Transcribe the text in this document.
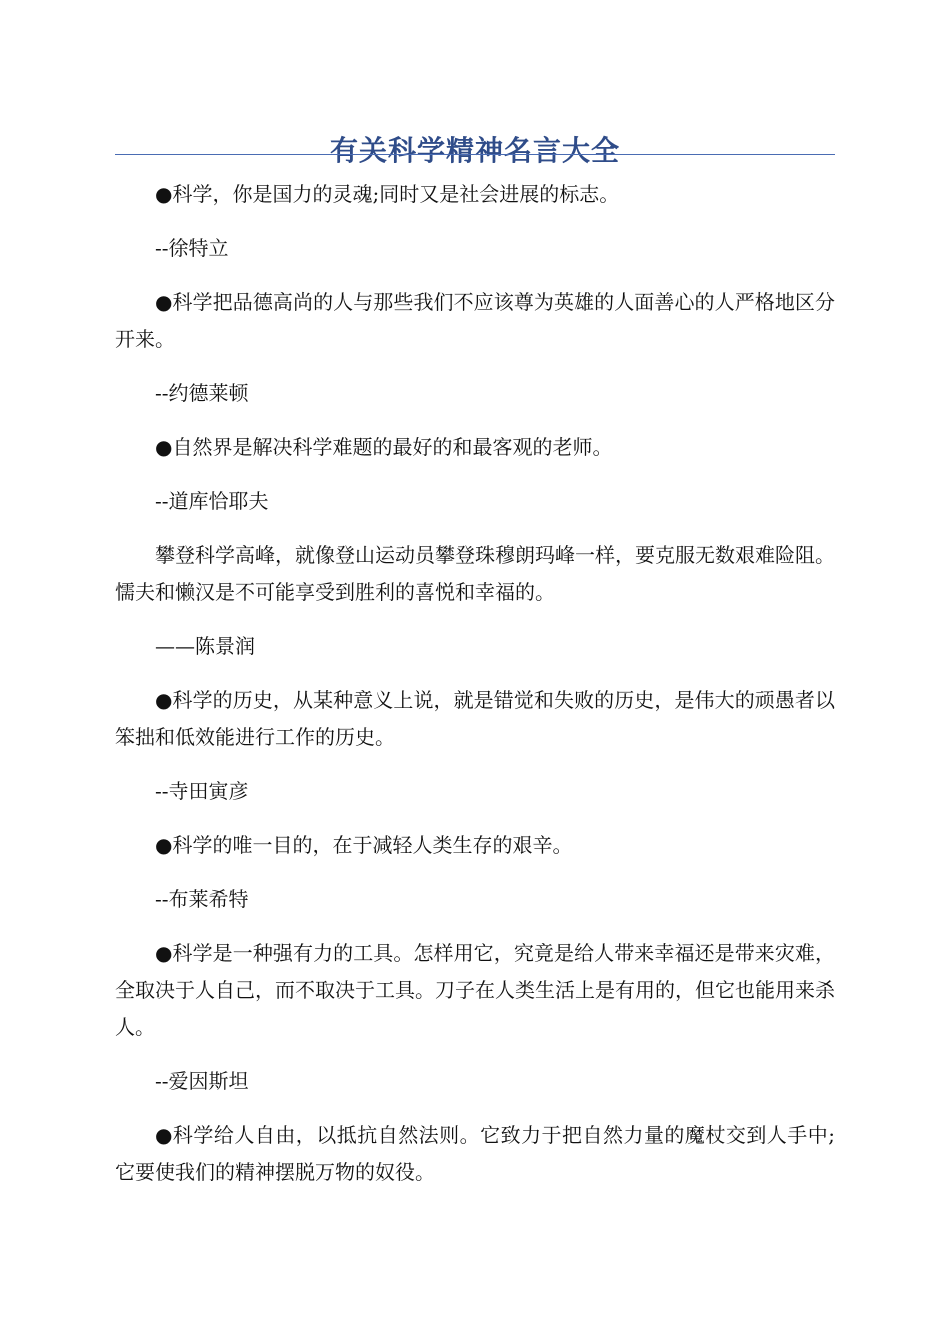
有关科学精神名言大全

●科学，你是国力的灵魂;同时又是社会进展的标志。

--徐特立

●科学把品德高尚的人与那些我们不应该尊为英雄的人面善心的人严格地区分开来。

--约德莱顿

●自然界是解决科学难题的最好的和最客观的老师。

--道库恰耶夫

攀登科学高峰，就像登山运动员攀登珠穆朗玛峰一样，要克服无数艰难险阻。懦夫和懒汉是不可能享受到胜利的喜悦和幸福的。

——陈景润

●科学的历史，从某种意义上说，就是错觉和失败的历史，是伟大的顽愚者以笨拙和低效能进行工作的历史。

--寺田寅彦

●科学的唯一目的，在于减轻人类生存的艰辛。

--布莱希特

●科学是一种强有力的工具。怎样用它，究竟是给人带来幸福还是带来灾难，全取决于人自己，而不取决于工具。刀子在人类生活上是有用的，但它也能用来杀人。

--爱因斯坦

●科学给人自由，以抵抗自然法则。它致力于把自然力量的魔杖交到人手中;它要使我们的精神摆脱万物的奴役。
